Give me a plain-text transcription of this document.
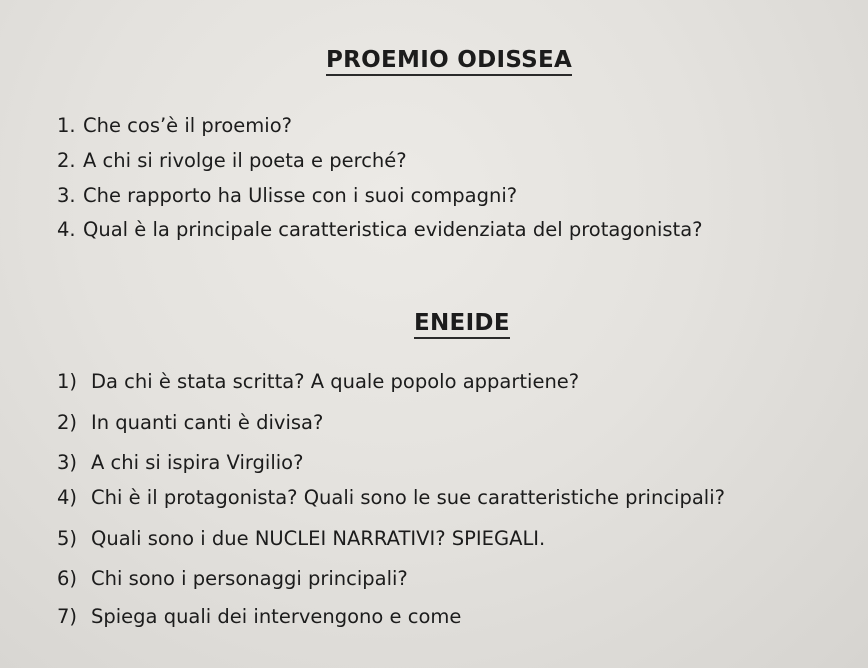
PROEMIO ODISSEA
1. Che cos’è il proemio?
2. A chi si rivolge il poeta e perché?
3. Che rapporto ha Ulisse con i suoi compagni?
4. Qual è la principale caratteristica evidenziata del protagonista?
ENEIDE
1) Da chi è stata scritta? A quale popolo appartiene?
2) In quanti canti è divisa?
3) A chi si ispira Virgilio?
4) Chi è il protagonista? Quali sono le sue caratteristiche principali?
5) Quali sono i due NUCLEI NARRATIVI? SPIEGALI.
6) Chi sono i personaggi principali?
7) Spiega quali dei intervengono e come
